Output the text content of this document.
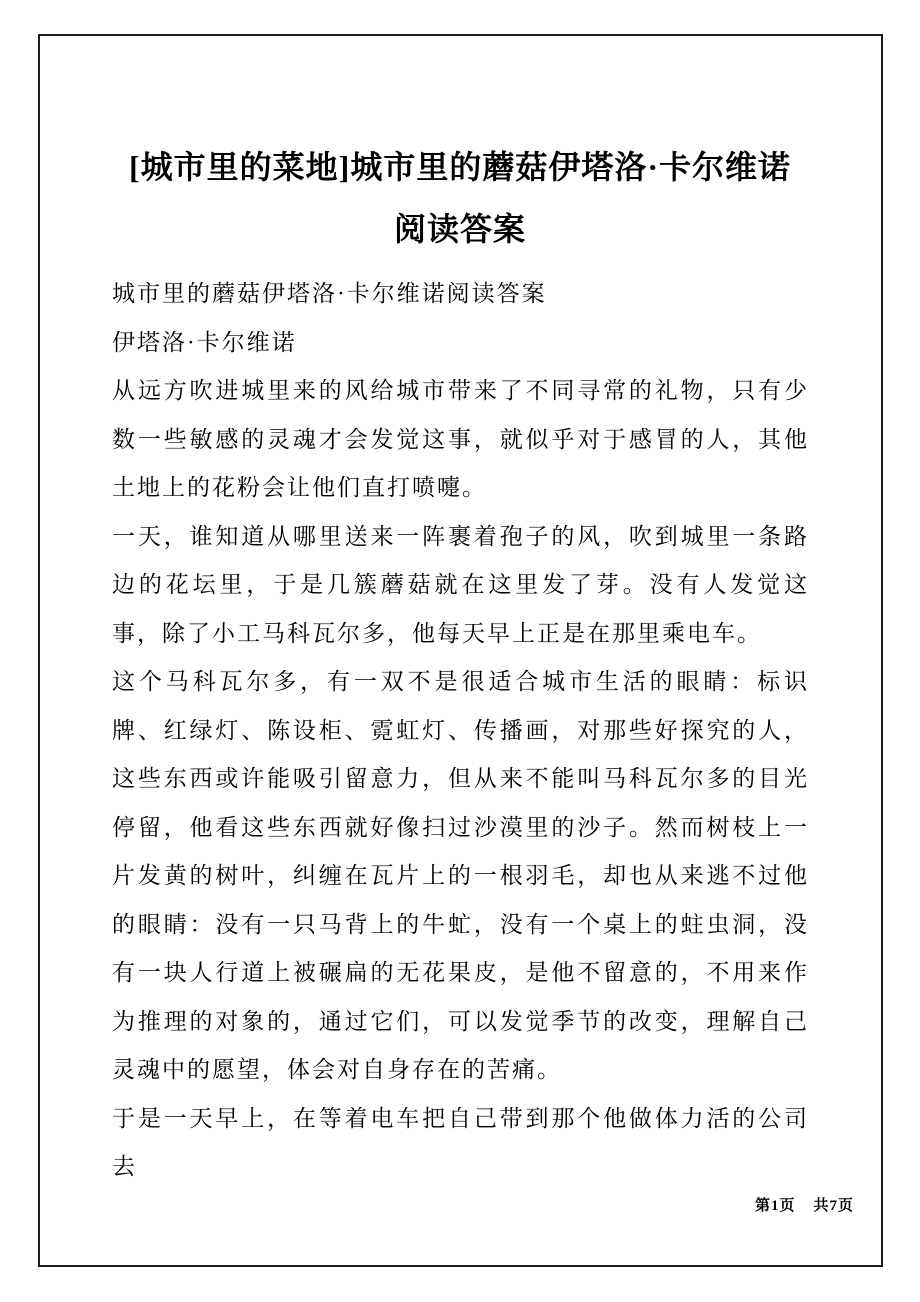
[城市里的菜地]城市里的蘑菇伊塔洛·卡尔维诺阅读答案

城市里的蘑菇伊塔洛·卡尔维诺阅读答案

伊塔洛·卡尔维诺

从远方吹进城里来的风给城市带来了不同寻常的礼物，只有少数一些敏感的灵魂才会发觉这事，就似乎对于感冒的人，其他土地上的花粉会让他们直打喷嚏。

一天，谁知道从哪里送来一阵裹着孢子的风，吹到城里一条路边的花坛里，于是几簇蘑菇就在这里发了芽。没有人发觉这事，除了小工马科瓦尔多，他每天早上正是在那里乘电车。

这个马科瓦尔多，有一双不是很适合城市生活的眼睛：标识牌、红绿灯、陈设柜、霓虹灯、传播画，对那些好探究的人，这些东西或许能吸引留意力，但从来不能叫马科瓦尔多的目光停留，他看这些东西就好像扫过沙漠里的沙子。然而树枝上一片发黄的树叶，纠缠在瓦片上的一根羽毛，却也从来逃不过他的眼睛：没有一只马背上的牛虻，没有一个桌上的蛀虫洞，没有一块人行道上被碾扁的无花果皮，是他不留意的，不用来作为推理的对象的，通过它们，可以发觉季节的改变，理解自己灵魂中的愿望，体会对自身存在的苦痛。

于是一天早上，在等着电车把自己带到那个他做体力活的公司去

第1页 共7页
